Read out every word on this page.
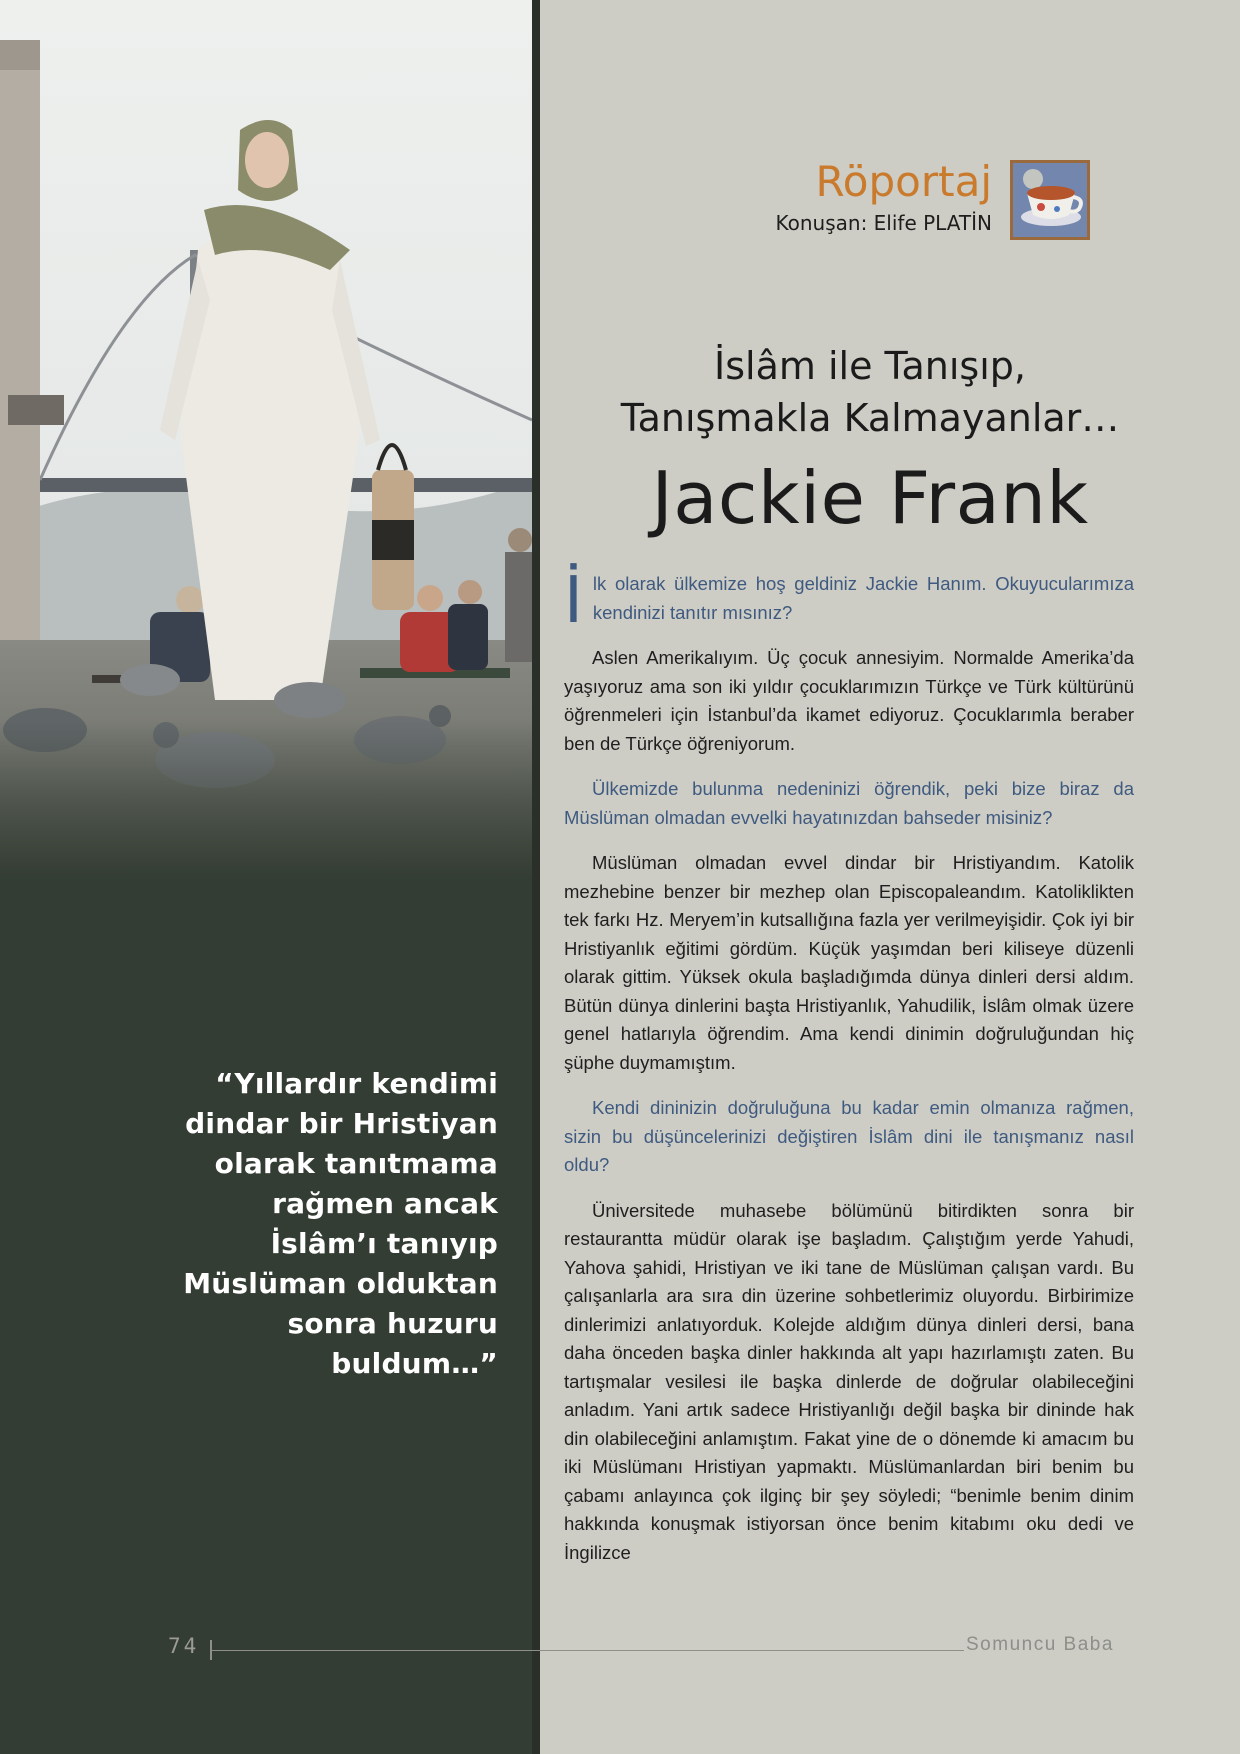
“Yıllardır kendimi
dindar bir Hristiyan
olarak tanıtmama
rağmen ancak
İslâm’ı tanıyıp
Müslüman olduktan
sonra huzuru
buldum…”
Röportaj
Konuşan: Elife PLATİN
İslâm ile Tanışıp,
Tanışmakla Kalmayanlar…
Jackie Frank

İlk olarak ülkemize hoş geldiniz Jackie Hanım. Okuyucularımıza kendinizi tanıtır mısınız?

Aslen Amerikalıyım. Üç çocuk annesiyim. Normalde Amerika’da yaşıyoruz ama son iki yıldır çocuklarımızın Türkçe ve Türk kültürünü öğrenmeleri için İstanbul’da ikamet ediyoruz. Çocuklarımla beraber ben de Türkçe öğreniyorum.

Ülkemizde bulunma nedeninizi öğrendik, peki bize biraz da Müslüman olmadan evvelki hayatınızdan bahseder misiniz?

Müslüman olmadan evvel dindar bir Hristiyandım. Katolik mezhebine benzer bir mezhep olan Episcopaleandım. Katoliklikten tek farkı Hz. Meryem’in kutsallığına fazla yer verilmeyişidir. Çok iyi bir Hristiyanlık eğitimi gördüm. Küçük yaşımdan beri kiliseye düzenli olarak gittim. Yüksek okula başladığımda dünya dinleri dersi aldım. Bütün dünya dinlerini başta Hristiyanlık, Yahudilik, İslâm olmak üzere genel hatlarıyla öğrendim. Ama kendi dinimin doğruluğundan hiç şüphe duymamıştım.

Kendi dininizin doğruluğuna bu kadar emin olmanıza rağmen, sizin bu düşüncelerinizi değiştiren İslâm dini ile tanışmanız nasıl oldu?

Üniversitede muhasebe bölümünü bitirdikten sonra bir restaurantta müdür olarak işe başladım. Çalıştığım yerde Yahudi, Yahova şahidi, Hristiyan ve iki tane de Müslüman çalışan vardı. Bu çalışanlarla ara sıra din üzerine sohbetlerimiz oluyordu. Birbirimize dinlerimizi anlatıyorduk. Kolejde aldığım dünya dinleri dersi, bana daha önceden başka dinler hakkında alt yapı hazırlamıştı zaten. Bu tartışmalar vesilesi ile başka dinlerde de doğrular olabileceğini anladım. Yani artık sadece Hristiyanlığı değil başka bir dininde hak din olabileceğini anlamıştım. Fakat yine de o dönemde ki amacım bu iki Müslümanı Hristiyan yapmaktı. Müslümanlardan biri benim bu çabamı anlayınca çok ilginç bir şey söyledi; “benimle benim dinim hakkında konuşmak istiyorsan önce benim kitabımı oku dedi ve İngilizce

74	Somuncu Baba
